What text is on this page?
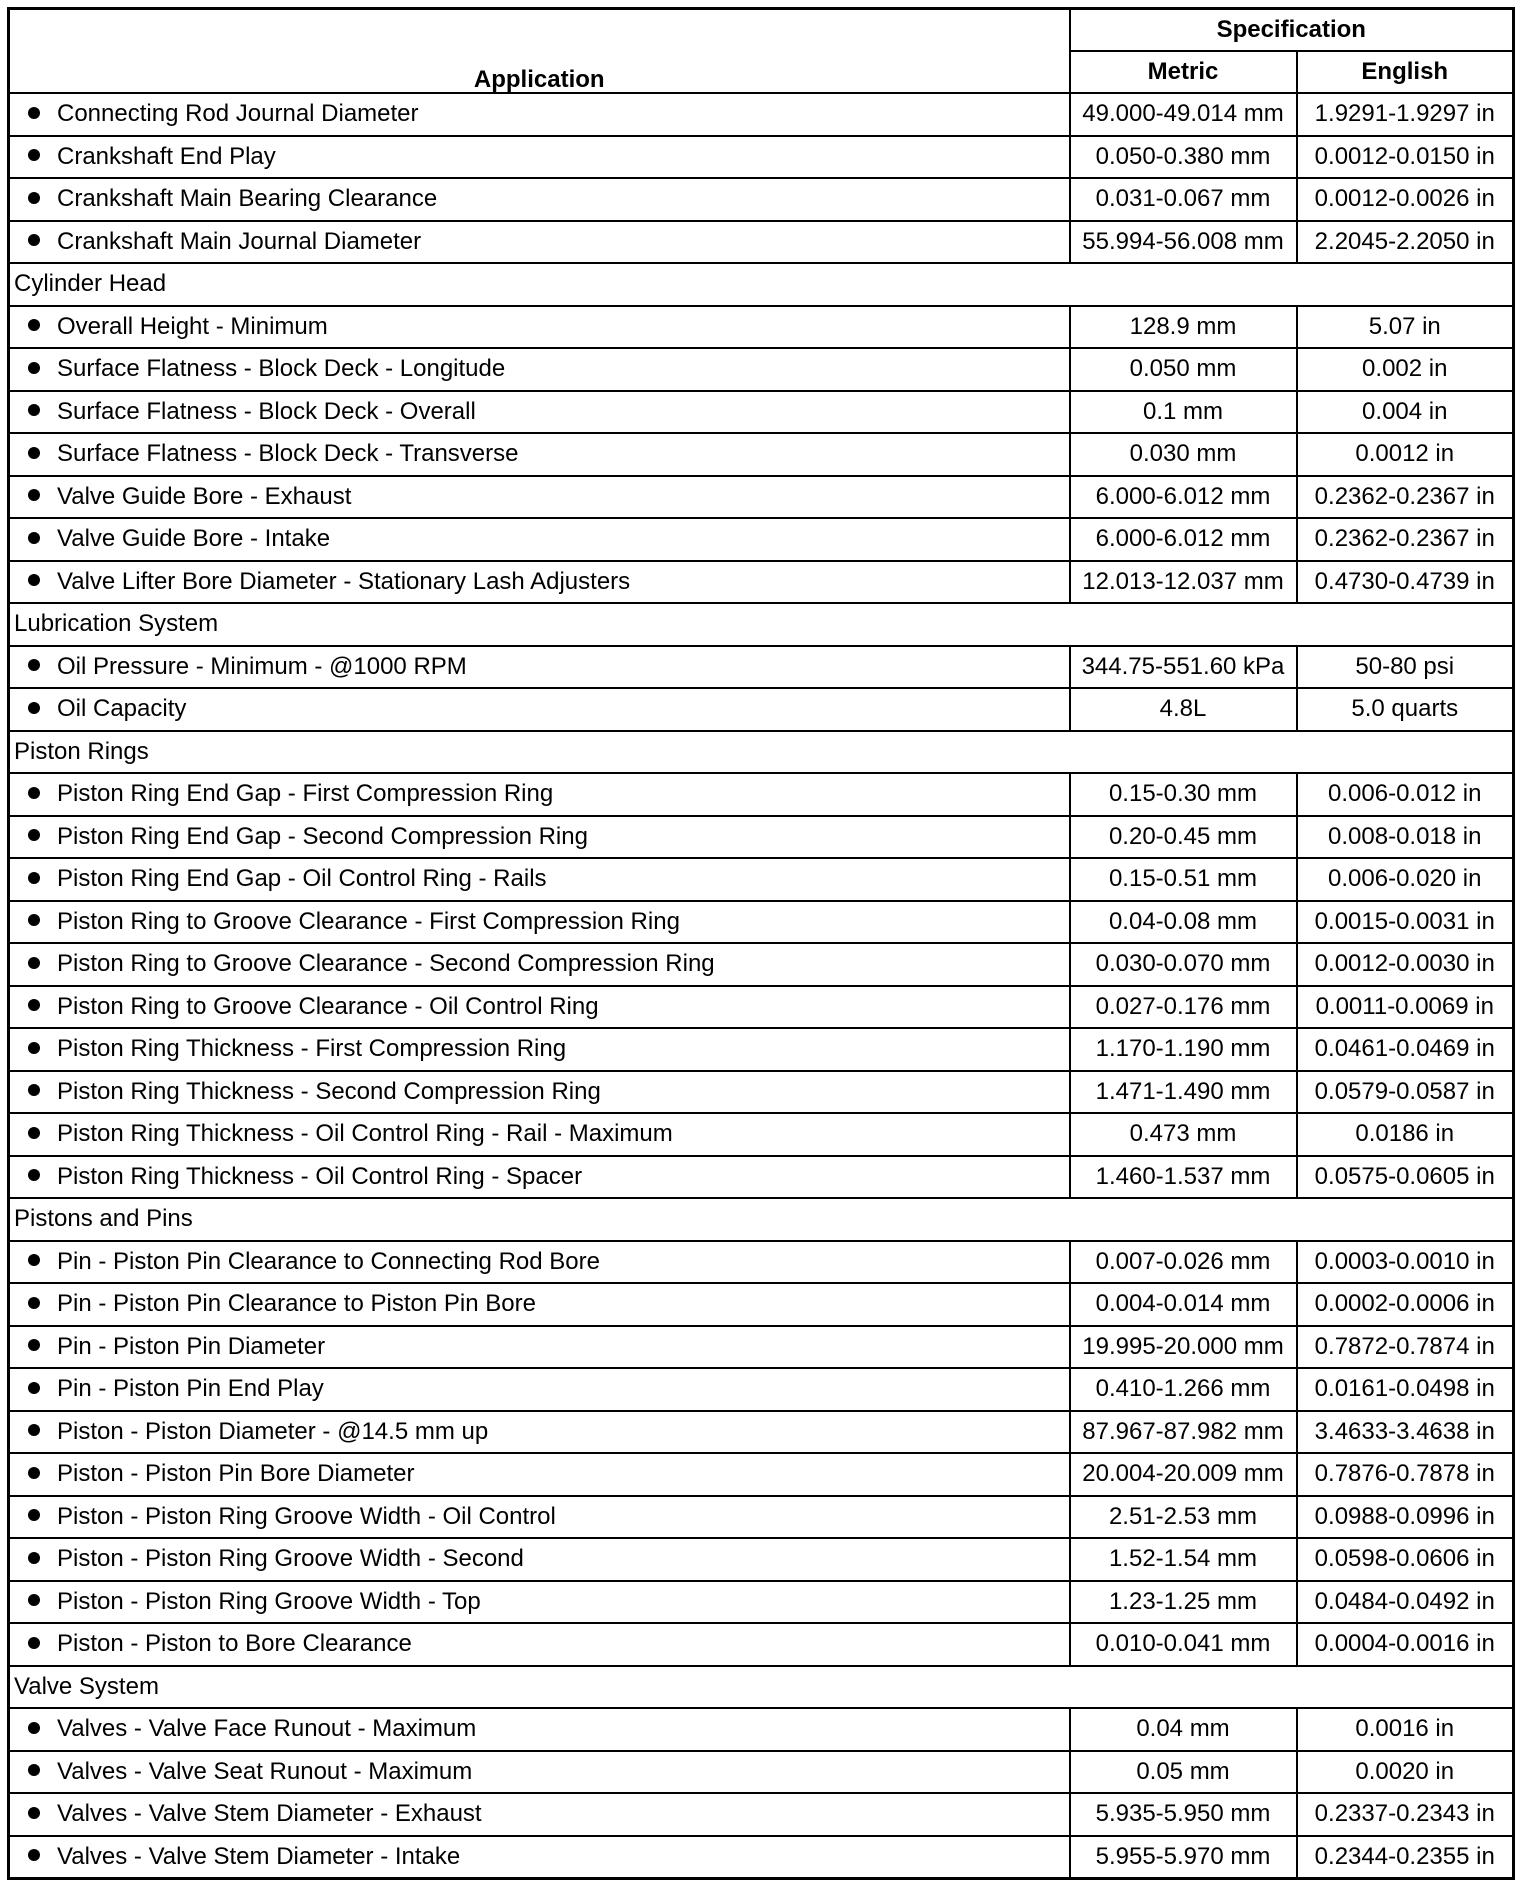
Application	Specification	
	Metric	English
Connecting Rod Journal Diameter	49.000-49.014 mm	1.9291-1.9297 in
Crankshaft End Play	0.050-0.380 mm	0.0012-0.0150 in
Crankshaft Main Bearing Clearance	0.031-0.067 mm	0.0012-0.0026 in
Crankshaft Main Journal Diameter	55.994-56.008 mm	2.2045-2.2050 in
Cylinder Head		
Overall Height - Minimum	128.9 mm	5.07 in
Surface Flatness - Block Deck - Longitude	0.050 mm	0.002 in
Surface Flatness - Block Deck - Overall	0.1 mm	0.004 in
Surface Flatness - Block Deck - Transverse	0.030 mm	0.0012 in
Valve Guide Bore - Exhaust	6.000-6.012 mm	0.2362-0.2367 in
Valve Guide Bore - Intake	6.000-6.012 mm	0.2362-0.2367 in
Valve Lifter Bore Diameter - Stationary Lash Adjusters	12.013-12.037 mm	0.4730-0.4739 in
Lubrication System		
Oil Pressure - Minimum - @1000 RPM	344.75-551.60 kPa	50-80 psi
Oil Capacity	4.8L	5.0 quarts
Piston Rings		
Piston Ring End Gap - First Compression Ring	0.15-0.30 mm	0.006-0.012 in
Piston Ring End Gap - Second Compression Ring	0.20-0.45 mm	0.008-0.018 in
Piston Ring End Gap - Oil Control Ring - Rails	0.15-0.51 mm	0.006-0.020 in
Piston Ring to Groove Clearance - First Compression Ring	0.04-0.08 mm	0.0015-0.0031 in
Piston Ring to Groove Clearance - Second Compression Ring	0.030-0.070 mm	0.0012-0.0030 in
Piston Ring to Groove Clearance - Oil Control Ring	0.027-0.176 mm	0.0011-0.0069 in
Piston Ring Thickness - First Compression Ring	1.170-1.190 mm	0.0461-0.0469 in
Piston Ring Thickness - Second Compression Ring	1.471-1.490 mm	0.0579-0.0587 in
Piston Ring Thickness - Oil Control Ring - Rail - Maximum	0.473 mm	0.0186 in
Piston Ring Thickness - Oil Control Ring - Spacer	1.460-1.537 mm	0.0575-0.0605 in
Pistons and Pins		
Pin - Piston Pin Clearance to Connecting Rod Bore	0.007-0.026 mm	0.0003-0.0010 in
Pin - Piston Pin Clearance to Piston Pin Bore	0.004-0.014 mm	0.0002-0.0006 in
Pin - Piston Pin Diameter	19.995-20.000 mm	0.7872-0.7874 in
Pin - Piston Pin End Play	0.410-1.266 mm	0.0161-0.0498 in
Piston - Piston Diameter - @14.5 mm up	87.967-87.982 mm	3.4633-3.4638 in
Piston - Piston Pin Bore Diameter	20.004-20.009 mm	0.7876-0.7878 in
Piston - Piston Ring Groove Width - Oil Control	2.51-2.53 mm	0.0988-0.0996 in
Piston - Piston Ring Groove Width - Second	1.52-1.54 mm	0.0598-0.0606 in
Piston - Piston Ring Groove Width - Top	1.23-1.25 mm	0.0484-0.0492 in
Piston - Piston to Bore Clearance	0.010-0.041 mm	0.0004-0.0016 in
Valve System		
Valves - Valve Face Runout - Maximum	0.04 mm	0.0016 in
Valves - Valve Seat Runout - Maximum	0.05 mm	0.0020 in
Valves - Valve Stem Diameter - Exhaust	5.935-5.950 mm	0.2337-0.2343 in
Valves - Valve Stem Diameter - Intake	5.955-5.970 mm	0.2344-0.2355 in
